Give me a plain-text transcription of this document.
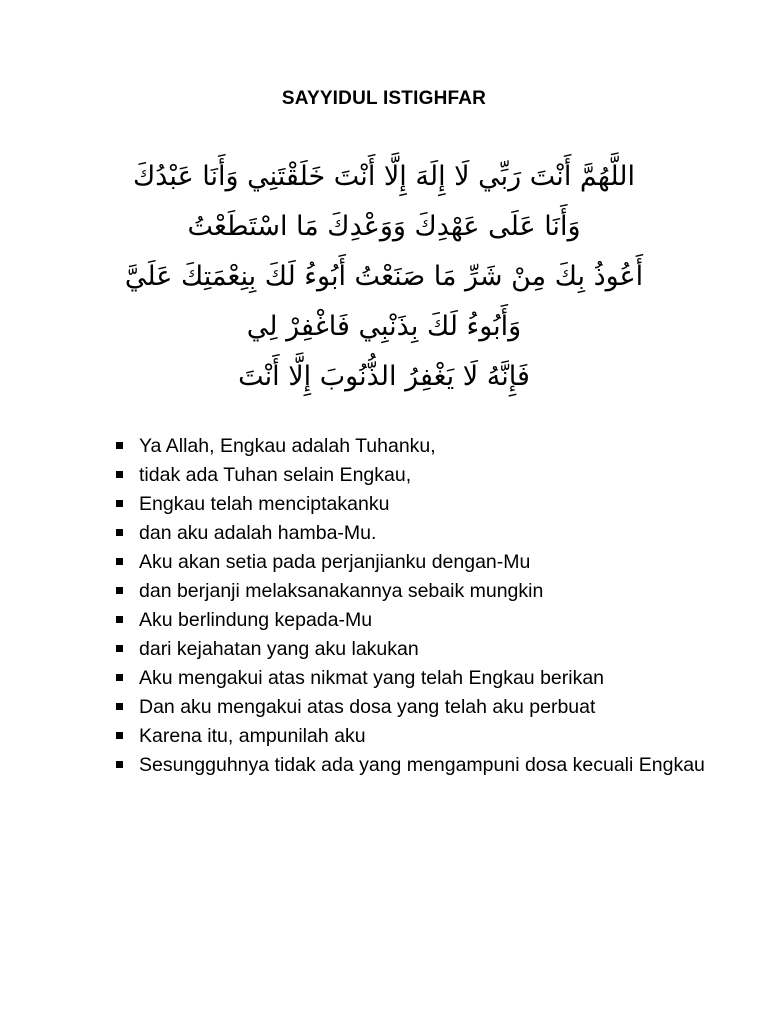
SAYYIDUL ISTIGHFAR
اللَّهُمَّ أَنْتَ رَبِّي لَا إِلَهَ إِلَّا أَنْتَ خَلَقْتَنِي وَأَنَا عَبْدُكَ
وَأَنَا عَلَى عَهْدِكَ وَوَعْدِكَ مَا اسْتَطَعْتُ
أَعُوذُ بِكَ مِنْ شَرِّ مَا صَنَعْتُ أَبُوءُ لَكَ بِنِعْمَتِكَ عَلَيَّ
وَأَبُوءُ لَكَ بِذَنْبِي فَاغْفِرْ لِي
فَإِنَّهُ لَا يَغْفِرُ الذُّنُوبَ إِلَّا أَنْتَ
Ya Allah, Engkau adalah Tuhanku,
tidak ada Tuhan selain Engkau,
Engkau telah menciptakanku
dan aku adalah hamba-Mu.
Aku akan setia pada perjanjianku dengan-Mu
dan berjanji melaksanakannya sebaik mungkin
Aku berlindung kepada-Mu
dari kejahatan yang aku lakukan
Aku mengakui atas nikmat yang telah Engkau berikan
Dan aku mengakui atas dosa yang telah aku perbuat
Karena itu, ampunilah aku
Sesungguhnya tidak ada yang mengampuni dosa kecuali Engkau
